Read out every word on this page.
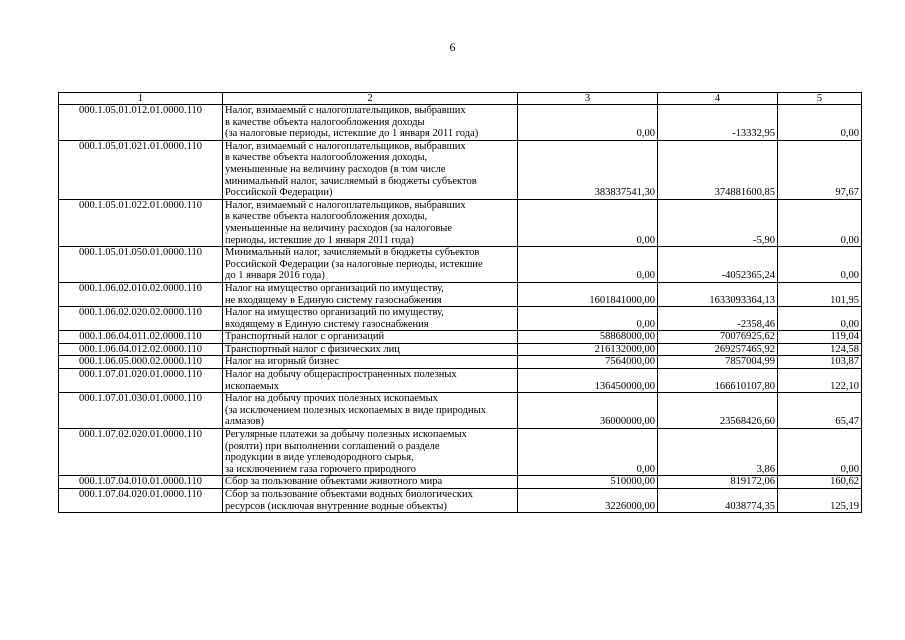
6
1	2	3	4	5
000.1.05.01.012.01.0000.110	Налог, взимаемый с налогоплательщиков, выбравших
в качестве объекта налогообложения доходы
(за налоговые периоды, истекшие до 1 января 2011 года)	0,00	-13332,95	0,00
000.1.05.01.021.01.0000.110	Налог, взимаемый с налогоплательщиков, выбравших
в качестве объекта налогообложения доходы,
уменьшенные на величину расходов (в том числе
минимальный налог, зачисляемый в бюджеты субъектов
Российской Федерации)	383837541,30	374881600,85	97,67
000.1.05.01.022.01.0000.110	Налог, взимаемый с налогоплательщиков, выбравших
в качестве объекта налогообложения доходы,
уменьшенные на величину расходов (за налоговые
периоды, истекшие до 1 января 2011 года)	0,00	-5,90	0,00
000.1.05.01.050.01.0000.110	Минимальный налог, зачисляемый в бюджеты субъектов
Российской Федерации (за налоговые периоды, истекшие
до 1 января 2016 года)	0,00	-4052365,24	0,00
000.1.06.02.010.02.0000.110	Налог на имущество организаций по имуществу,
не входящему в Единую систему газоснабжения	1601841000,00	1633093364,13	101,95
000.1.06.02.020.02.0000.110	Налог на имущество организаций по имуществу,
входящему в Единую систему газоснабжения	0,00	-2358,46	0,00
000.1.06.04.011.02.0000.110	Транспортный налог с организаций	58868000,00	70076925,62	119,04
000.1.06.04.012.02.0000.110	Транспортный налог с физических лиц	216132000,00	269257465,92	124,58
000.1.06.05.000.02.0000.110	Налог на игорный бизнес	7564000,00	7857004,99	103,87
000.1.07.01.020.01.0000.110	Налог на добычу общераспространенных полезных
ископаемых	136450000,00	166610107,80	122,10
000.1.07.01.030.01.0000.110	Налог на добычу прочих полезных ископаемых
(за исключением полезных ископаемых в виде природных
алмазов)	36000000,00	23568426,60	65,47
000.1.07.02.020.01.0000.110	Регулярные платежи за добычу полезных ископаемых
(роялти) при выполнении соглашений о разделе
продукции в виде углеводородного сырья,
за исключением газа горючего природного	0,00	3,86	0,00
000.1.07.04.010.01.0000.110	Сбор за пользование объектами животного мира	510000,00	819172,06	160,62
000.1.07.04.020.01.0000.110	Сбор за пользование объектами водных биологических
ресурсов (исключая внутренние водные объекты)	3226000,00	4038774,35	125,19
